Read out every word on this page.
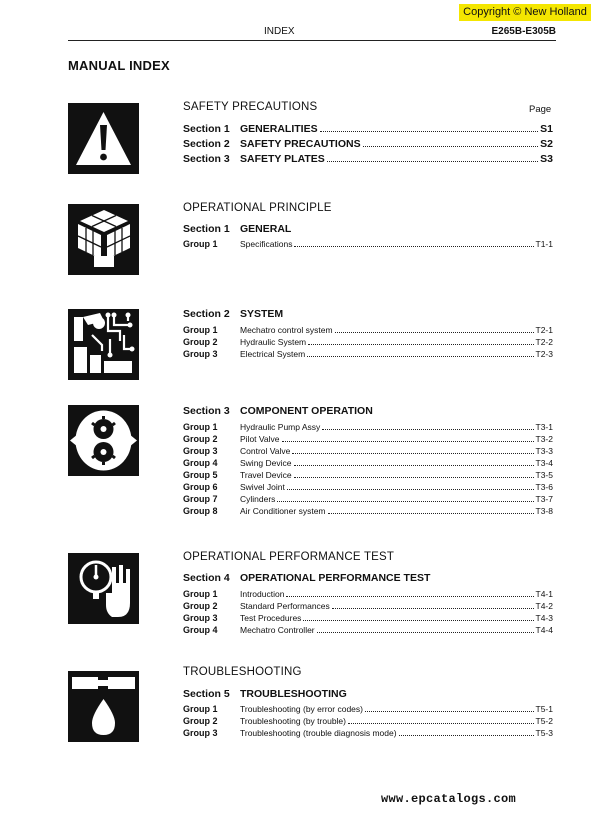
Copyright © New Holland
INDEX	E265B-E305B
MANUAL INDEX
SAFETY PRECAUTIONS	Page
Section 1 GENERALITIES	S1
Section 2 SAFETY PRECAUTIONS	S2
Section 3 SAFETY PLATES	S3
OPERATIONAL PRINCIPLE
Section 1 GENERAL
Group 1	Specifications	T1-1
Section 2 SYSTEM
Group 1	Mechatro control system	T2-1
Group 2	Hydraulic System	T2-2
Group 3	Electrical System	T2-3
Section 3 COMPONENT OPERATION
Group 1	Hydraulic Pump Assy	T3-1
Group 2	Pilot Valve	T3-2
Group 3	Control Valve	T3-3
Group 4	Swing Device	T3-4
Group 5	Travel Device	T3-5
Group 6	Swivel Joint	T3-6
Group 7	Cylinders	T3-7
Group 8	Air Conditioner system	T3-8
OPERATIONAL PERFORMANCE TEST
Section 4 OPERATIONAL PERFORMANCE TEST
Group 1	Introduction	T4-1
Group 2	Standard Performances	T4-2
Group 3	Test Procedures	T4-3
Group 4	Mechatro Controller	T4-4
TROUBLESHOOTING
Section 5 TROUBLESHOOTING
Group 1	Troubleshooting (by error codes)	T5-1
Group 2	Troubleshooting (by trouble)	T5-2
Group 3	Troubleshooting (trouble diagnosis mode)	T5-3
www.epcatalogs.com
